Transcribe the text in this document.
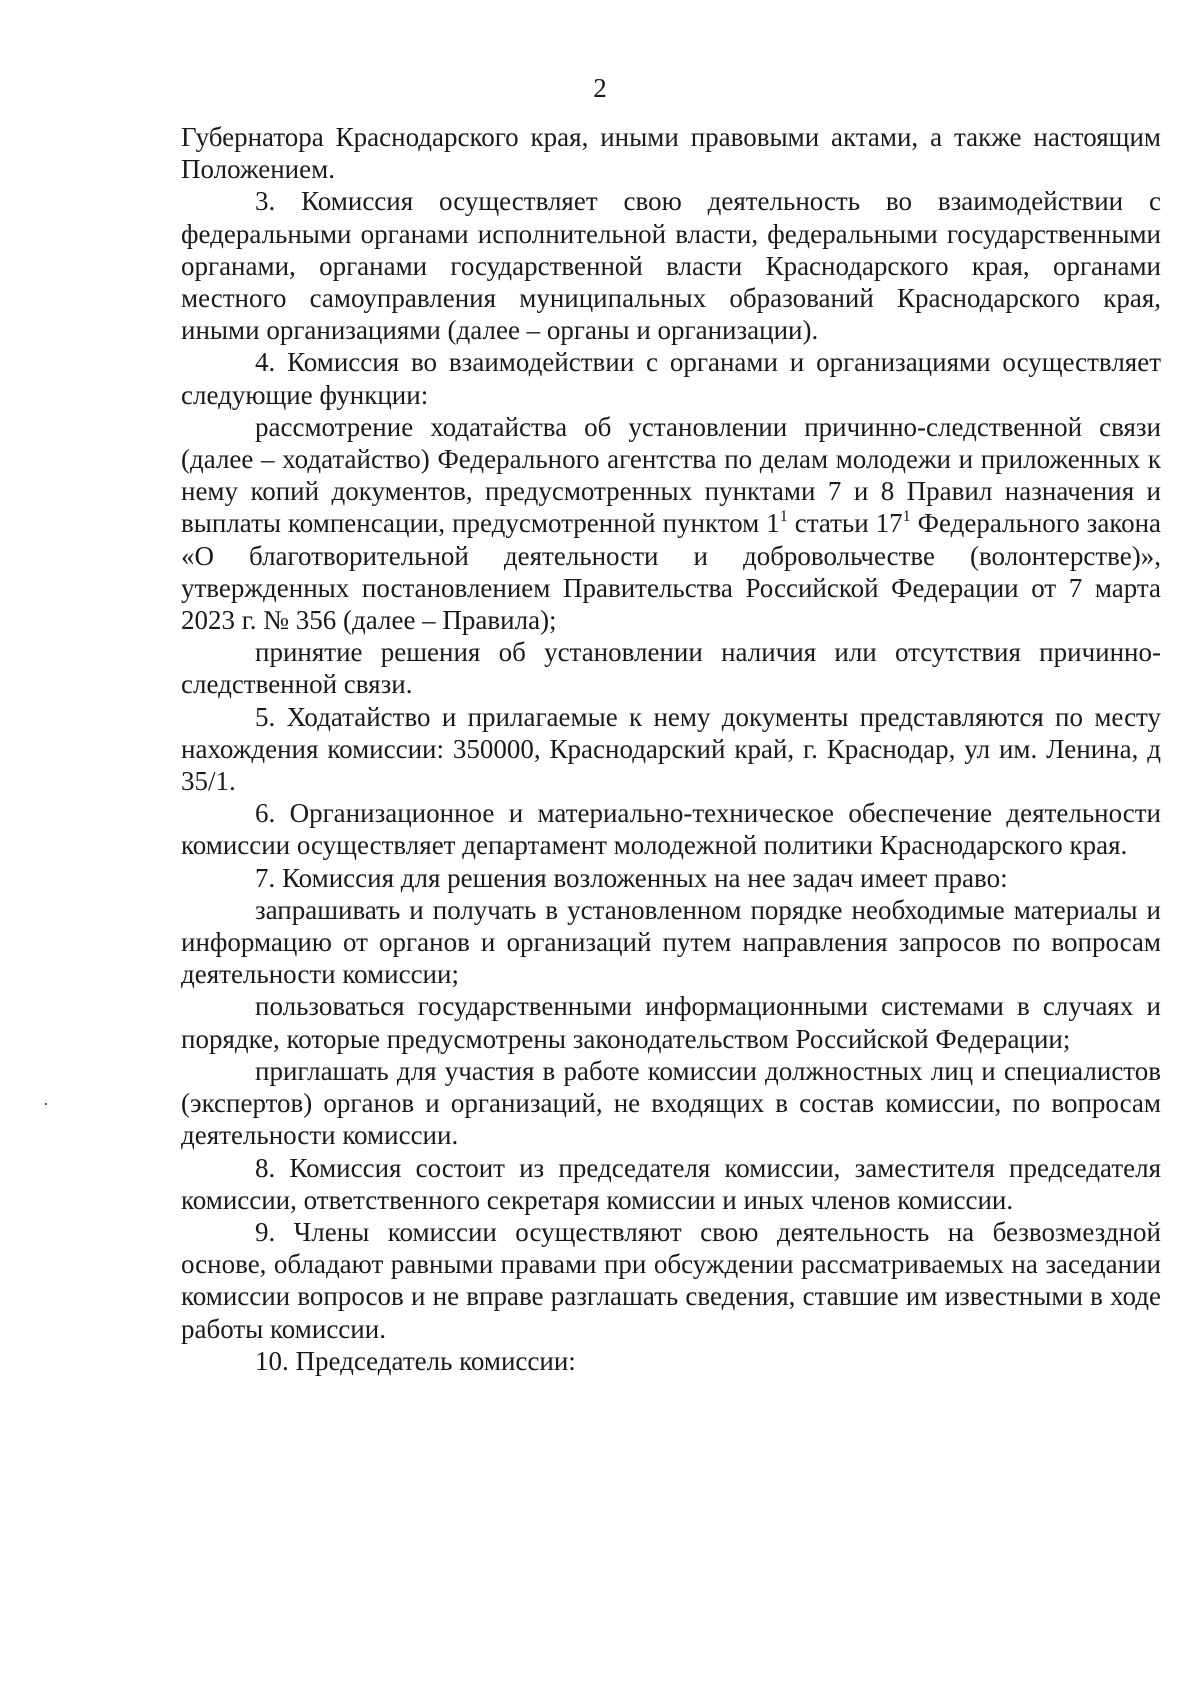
2

Губернатора Краснодарского края, иными правовыми актами, а также настоящим Положением.

3. Комиссия осуществляет свою деятельность во взаимодействии с федеральными органами исполнительной власти, федеральными государственными органами, органами государственной власти Краснодарского края, органами местного самоуправления муниципальных образований Краснодарского края, иными организациями (далее – органы и организации).

4. Комиссия во взаимодействии с органами и организациями осуществляет следующие функции:

рассмотрение ходатайства об установлении причинно-следственной связи (далее – ходатайство) Федерального агентства по делам молодежи и приложенных к нему копий документов, предусмотренных пунктами 7 и 8 Правил назначения и выплаты компенсации, предусмотренной пунктом $1^1$ статьи $17^1$ Федерального закона «О благотворительной деятельности и добровольчестве (волонтерстве)», утвержденных постановлением Правительства Российской Федерации от 7 марта 2023 г. № 356 (далее – Правила);

принятие решения об установлении наличия или отсутствия причинно-следственной связи.

5. Ходатайство и прилагаемые к нему документы представляются по месту нахождения комиссии: 350000, Краснодарский край, г. Краснодар, ул им. Ленина, д 35/1.

6. Организационное и материально-техническое обеспечение деятельности комиссии осуществляет департамент молодежной политики Краснодарского края.

7. Комиссия для решения возложенных на нее задач имеет право:

запрашивать и получать в установленном порядке необходимые материалы и информацию от органов и организаций путем направления запросов по вопросам деятельности комиссии;

пользоваться государственными информационными системами в случаях и порядке, которые предусмотрены законодательством Российской Федерации;

приглашать для участия в работе комиссии должностных лиц и специалистов (экспертов) органов и организаций, не входящих в состав комиссии, по вопросам деятельности комиссии.

8. Комиссия состоит из председателя комиссии, заместителя председателя комиссии, ответственного секретаря комиссии и иных членов комиссии.

9. Члены комиссии осуществляют свою деятельность на безвозмездной основе, обладают равными правами при обсуждении рассматриваемых на заседании комиссии вопросов и не вправе разглашать сведения, ставшие им известными в ходе работы комиссии.

10. Председатель комиссии:
